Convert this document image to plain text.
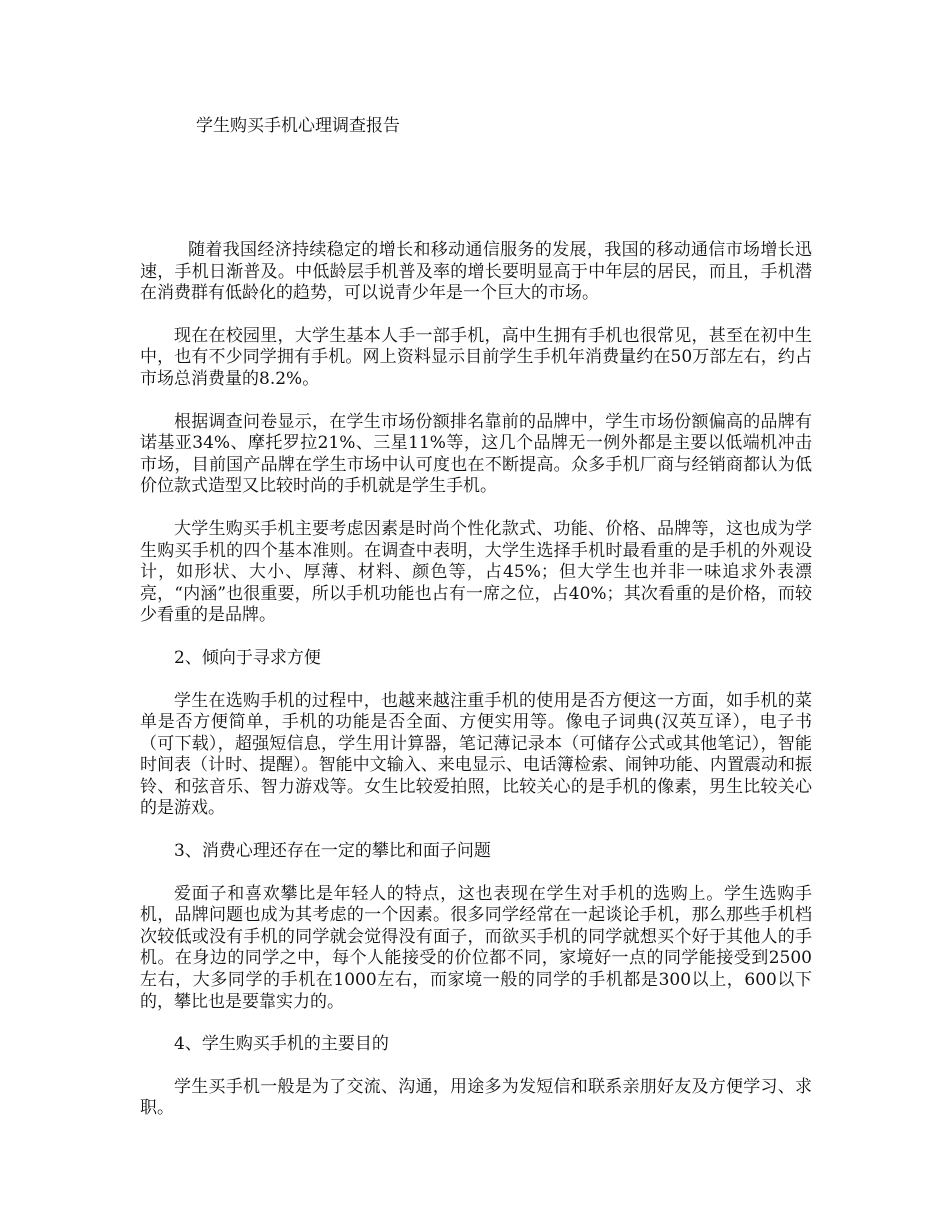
学生购买手机心理调查报告

随着我国经济持续稳定的增长和移动通信服务的发展，我国的移动通信市场增长迅速，手机日渐普及。中低龄层手机普及率的增长要明显高于中年层的居民，而且，手机潜在消费群有低龄化的趋势，可以说青少年是一个巨大的市场。

现在在校园里，大学生基本人手一部手机，高中生拥有手机也很常见，甚至在初中生中，也有不少同学拥有手机。网上资料显示目前学生手机年消费量约在50万部左右，约占市场总消费量的8.2%。

根据调查问卷显示，在学生市场份额排名靠前的品牌中，学生市场份额偏高的品牌有诺基亚34%、摩托罗拉21%、三星11%等，这几个品牌无一例外都是主要以低端机冲击市场，目前国产品牌在学生市场中认可度也在不断提高。众多手机厂商与经销商都认为低价位款式造型又比较时尚的手机就是学生手机。

大学生购买手机主要考虑因素是时尚个性化款式、功能、价格、品牌等，这也成为学生购买手机的四个基本准则。在调查中表明，大学生选择手机时最看重的是手机的外观设计，如形状、大小、厚薄、材料、颜色等，占45%；但大学生也并非一味追求外表漂亮，“内涵”也很重要，所以手机功能也占有一席之位，占40%；其次看重的是价格，而较少看重的是品牌。

2、倾向于寻求方便

学生在选购手机的过程中，也越来越注重手机的使用是否方便这一方面，如手机的菜单是否方便简单，手机的功能是否全面、方便实用等。像电子词典(汉英互译），电子书（可下载），超强短信息，学生用计算器，笔记薄记录本（可储存公式或其他笔记），智能时间表（计时、提醒）。智能中文输入、来电显示、电话簿检索、闹钟功能、内置震动和振铃、和弦音乐、智力游戏等。女生比较爱拍照，比较关心的是手机的像素，男生比较关心的是游戏。

3、消费心理还存在一定的攀比和面子问题

爱面子和喜欢攀比是年轻人的特点，这也表现在学生对手机的选购上。学生选购手机，品牌问题也成为其考虑的一个因素。很多同学经常在一起谈论手机，那么那些手机档次较低或没有手机的同学就会觉得没有面子，而欲买手机的同学就想买个好于其他人的手机。在身边的同学之中，每个人能接受的价位都不同，家境好一点的同学能接受到2500左右，大多同学的手机在1000左右，而家境一般的同学的手机都是300以上，600以下的，攀比也是要靠实力的。

4、学生购买手机的主要目的

学生买手机一般是为了交流、沟通，用途多为发短信和联系亲朋好友及方便学习、求职。
